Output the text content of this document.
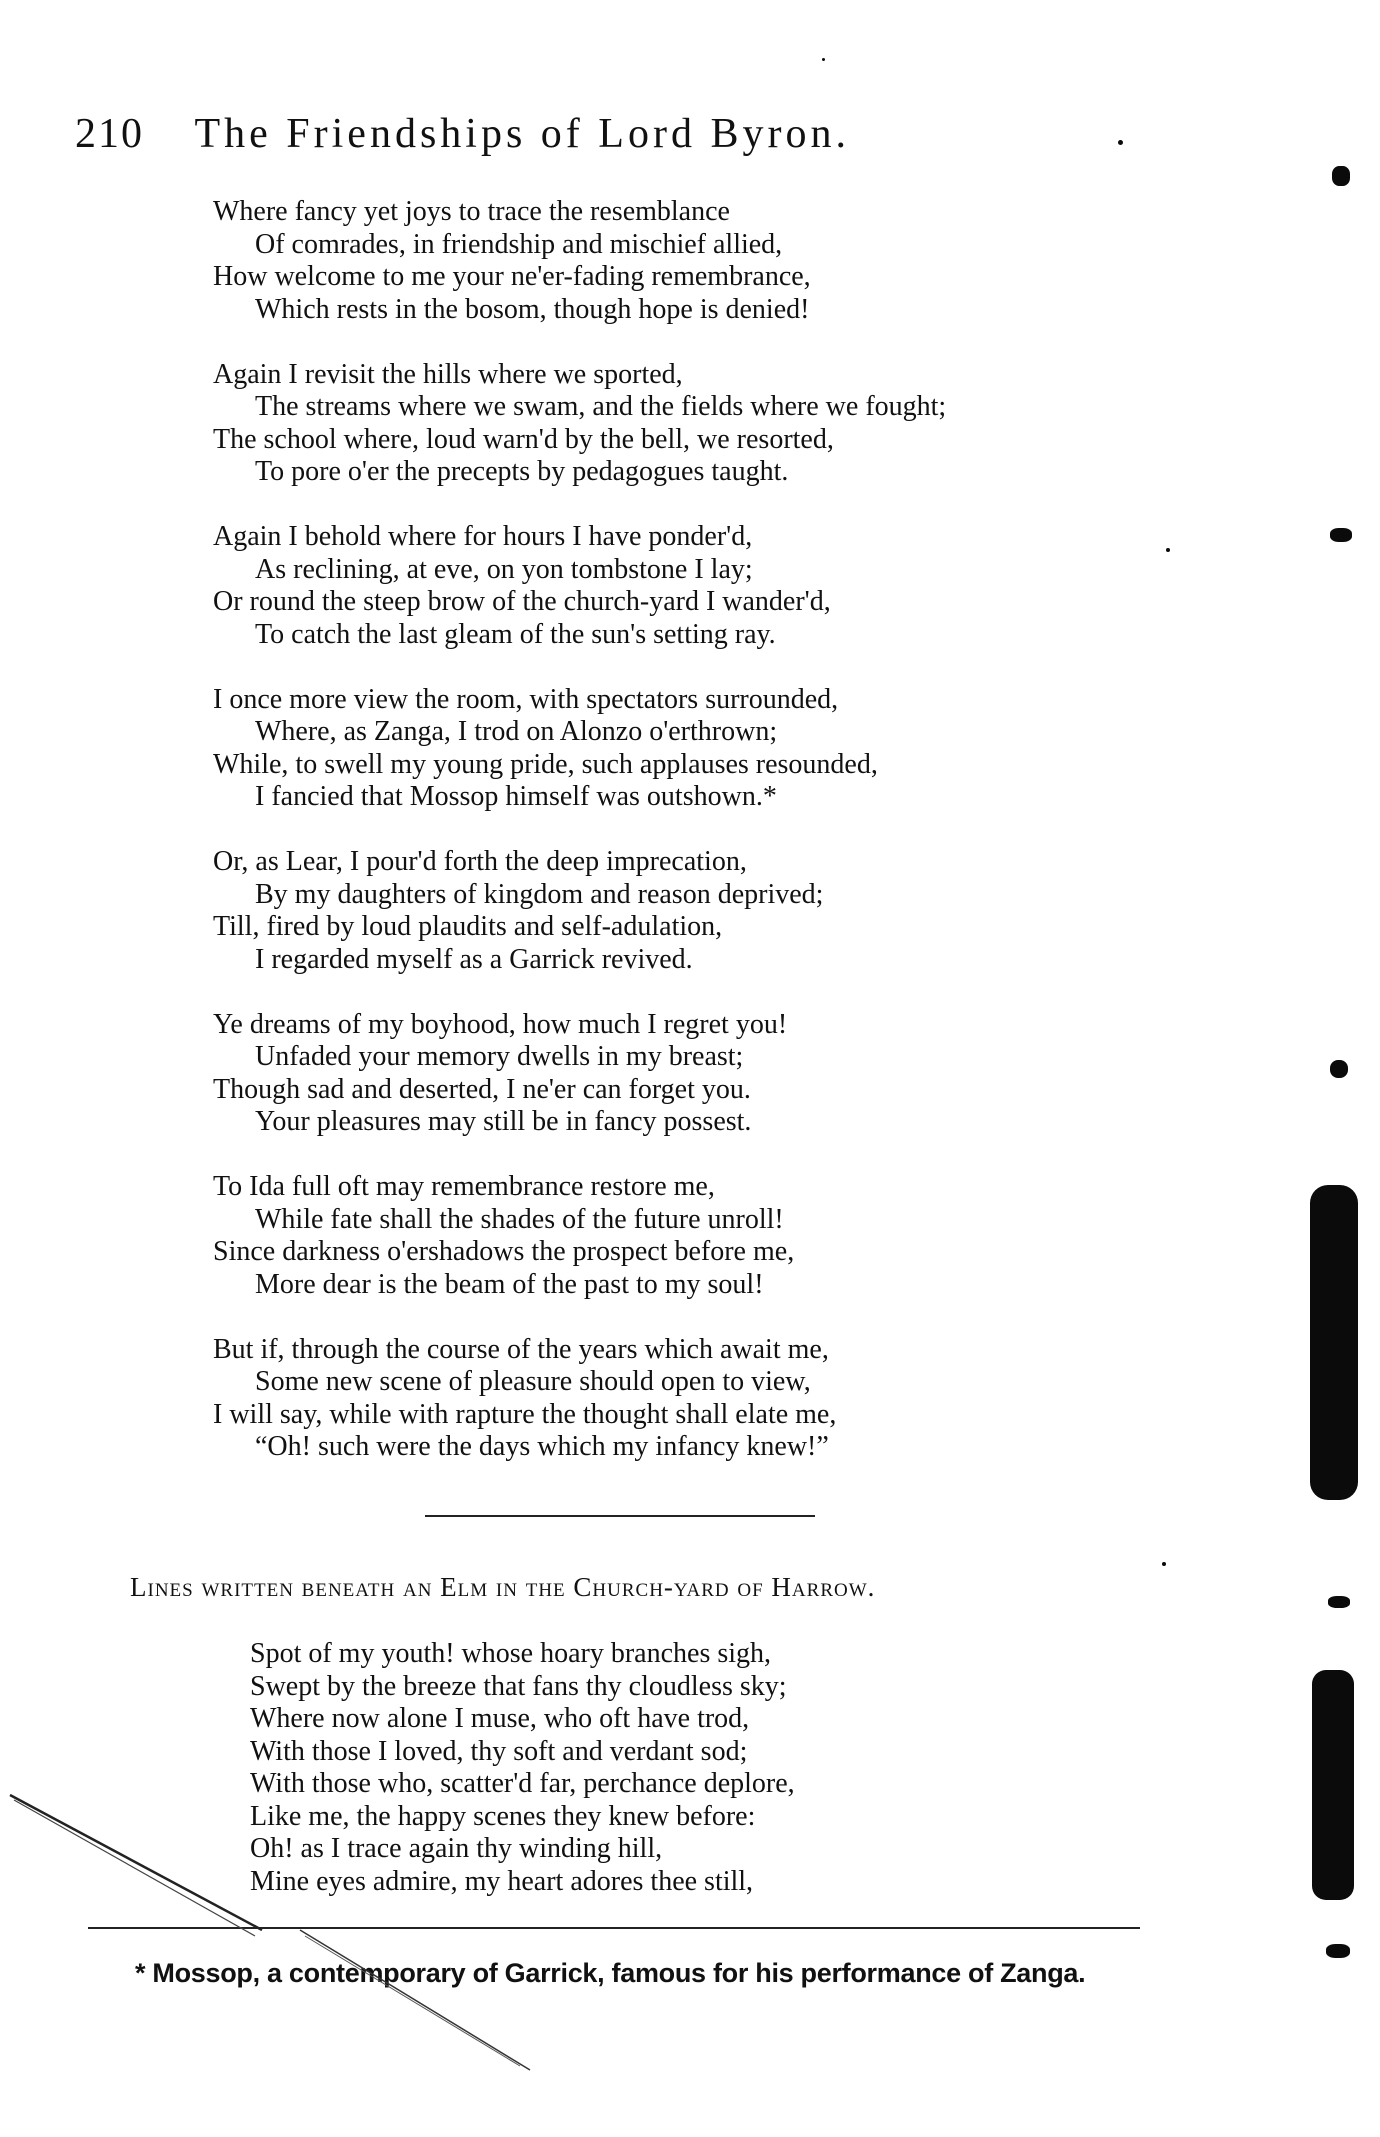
210 The Friendships of Lord Byron.
Where fancy yet joys to trace the resemblance
Of comrades, in friendship and mischief allied,
How welcome to me your ne'er-fading remembrance,
Which rests in the bosom, though hope is denied!
Again I revisit the hills where we sported,
The streams where we swam, and the fields where we fought;
The school where, loud warn'd by the bell, we resorted,
To pore o'er the precepts by pedagogues taught.
Again I behold where for hours I have ponder'd,
As reclining, at eve, on yon tombstone I lay;
Or round the steep brow of the church-yard I wander'd,
To catch the last gleam of the sun's setting ray.
I once more view the room, with spectators surrounded,
Where, as Zanga, I trod on Alonzo o'erthrown;
While, to swell my young pride, such applauses resounded,
I fancied that Mossop himself was outshown.*
Or, as Lear, I pour'd forth the deep imprecation,
By my daughters of kingdom and reason deprived;
Till, fired by loud plaudits and self-adulation,
I regarded myself as a Garrick revived.
Ye dreams of my boyhood, how much I regret you!
Unfaded your memory dwells in my breast;
Though sad and deserted, I ne'er can forget you.
Your pleasures may still be in fancy possest.
To Ida full oft may remembrance restore me,
While fate shall the shades of the future unroll!
Since darkness o'ershadows the prospect before me,
More dear is the beam of the past to my soul!
But if, through the course of the years which await me,
Some new scene of pleasure should open to view,
I will say, while with rapture the thought shall elate me,
“Oh! such were the days which my infancy knew!”
Lines written beneath an Elm in the Church-yard of Harrow.
Spot of my youth! whose hoary branches sigh,
Swept by the breeze that fans thy cloudless sky;
Where now alone I muse, who oft have trod,
With those I loved, thy soft and verdant sod;
With those who, scatter'd far, perchance deplore,
Like me, the happy scenes they knew before:
Oh! as I trace again thy winding hill,
Mine eyes admire, my heart adores thee still,
* Mossop, a contemporary of Garrick, famous for his performance of Zanga.
